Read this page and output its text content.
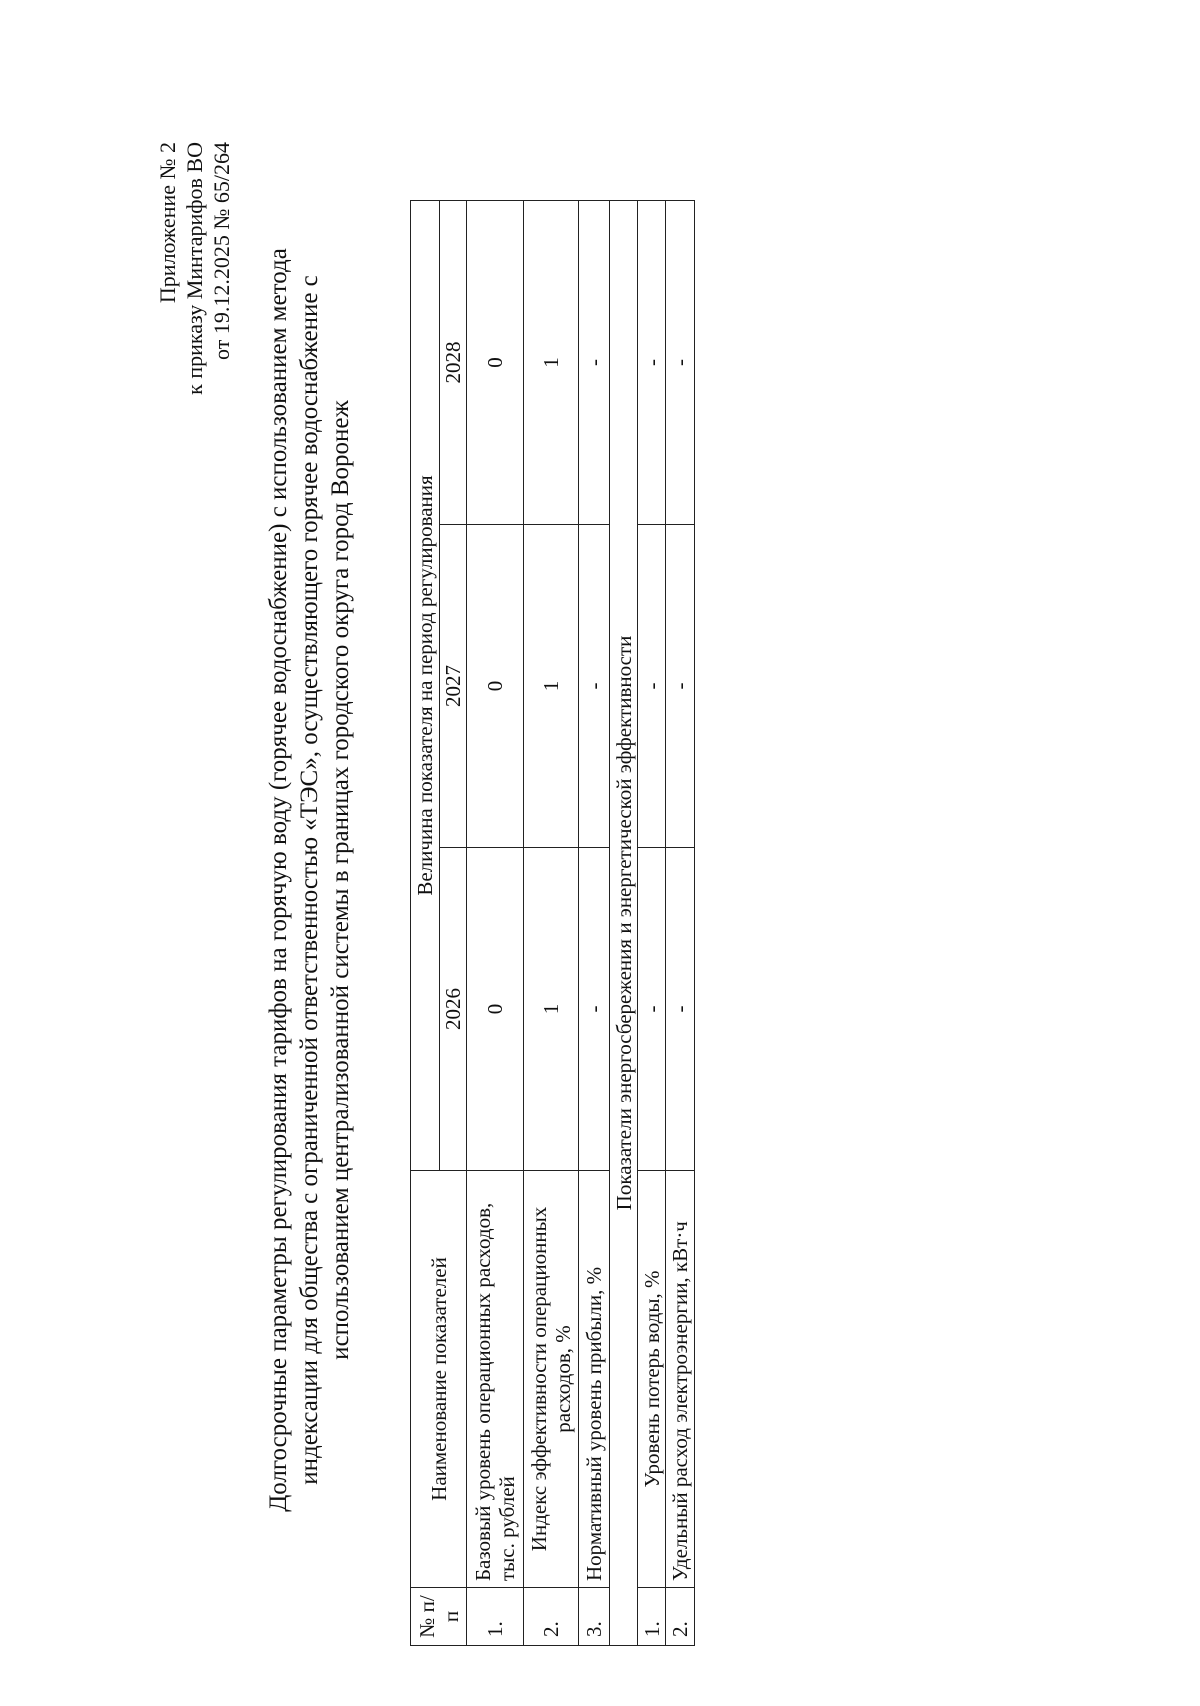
Приложение № 2 к приказу Минтарифов ВО от 19.12.2025 № 65/264 Долгосрочные параметры регулирования тарифов на горячую воду (горячее водоснабжение) с использованием метода индексации для общества с ограниченной ответственностью «ТЭС», осуществляющего горячее водоснабжение с использованием централизованной системы в границах городского округа город Воронеж
№ п/п	Наименование показателей	Величина показателя на период регулирования		
		2026	2027	2028
1.	Базовый уровень операционных расходов, тыс. рублей	0	0	0
2.	Индекс эффективности операционных расходов, %	1	1	1
3.	Нормативный уровень прибыли, %	-	-	-
Показатели энергосбережения и энергетической эффективности				
1.	Уровень потерь воды, %	-	-	-
2.	Удельный расход электроэнергии, кВт·ч	-	-	-
